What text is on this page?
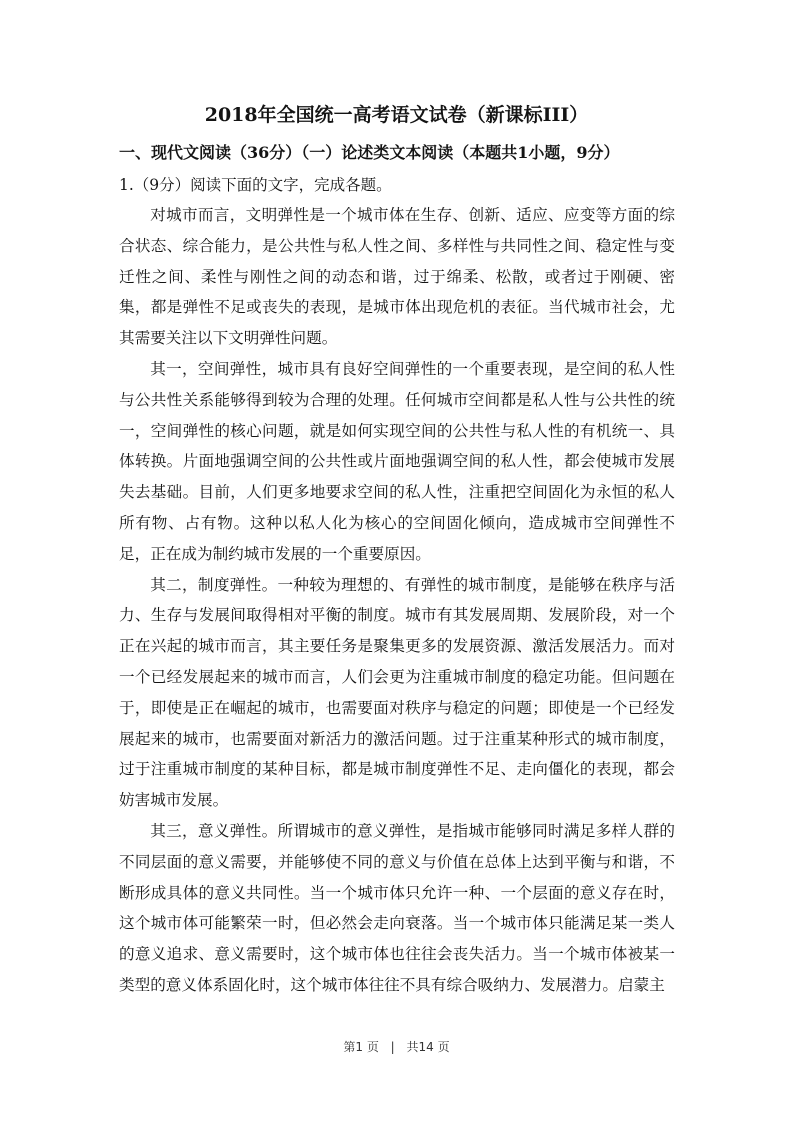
2018年全国统一高考语文试卷（新课标III）
一、现代文阅读（36分）（一）论述类文本阅读（本题共1小题，9分）
1.（9分）阅读下面的文字，完成各题。

对城市而言，文明弹性是一个城市体在生存、创新、适应、应变等方面的综合状态、综合能力，是公共性与私人性之间、多样性与共同性之间、稳定性与变迁性之间、柔性与刚性之间的动态和谐，过于绵柔、松散，或者过于刚硬、密集，都是弹性不足或丧失的表现，是城市体出现危机的表征。当代城市社会，尤其需要关注以下文明弹性问题。

其一，空间弹性，城市具有良好空间弹性的一个重要表现，是空间的私人性与公共性关系能够得到较为合理的处理。任何城市空间都是私人性与公共性的统一，空间弹性的核心问题，就是如何实现空间的公共性与私人性的有机统一、具体转换。片面地强调空间的公共性或片面地强调空间的私人性，都会使城市发展失去基础。目前，人们更多地要求空间的私人性，注重把空间固化为永恒的私人所有物、占有物。这种以私人化为核心的空间固化倾向，造成城市空间弹性不足，正在成为制约城市发展的一个重要原因。

其二，制度弹性。一种较为理想的、有弹性的城市制度，是能够在秩序与活力、生存与发展间取得相对平衡的制度。城市有其发展周期、发展阶段，对一个正在兴起的城市而言，其主要任务是聚集更多的发展资源、激活发展活力。而对一个已经发展起来的城市而言，人们会更为注重城市制度的稳定功能。但问题在于，即使是正在崛起的城市，也需要面对秩序与稳定的问题；即使是一个已经发展起来的城市，也需要面对新活力的激活问题。过于注重某种形式的城市制度，过于注重城市制度的某种目标，都是城市制度弹性不足、走向僵化的表现，都会妨害城市发展。

其三，意义弹性。所谓城市的意义弹性，是指城市能够同时满足多样人群的不同层面的意义需要，并能够使不同的意义与价值在总体上达到平衡与和谐，不断形成具体的意义共同性。当一个城市体只允许一种、一个层面的意义存在时，这个城市体可能繁荣一时，但必然会走向衰落。当一个城市体只能满足某一类人的意义追求、意义需要时，这个城市体也往往会丧失活力。当一个城市体被某一类型的意义体系固化时，这个城市体往往不具有综合吸纳力、发展潜力。启蒙主

第1 页 | 共14 页
